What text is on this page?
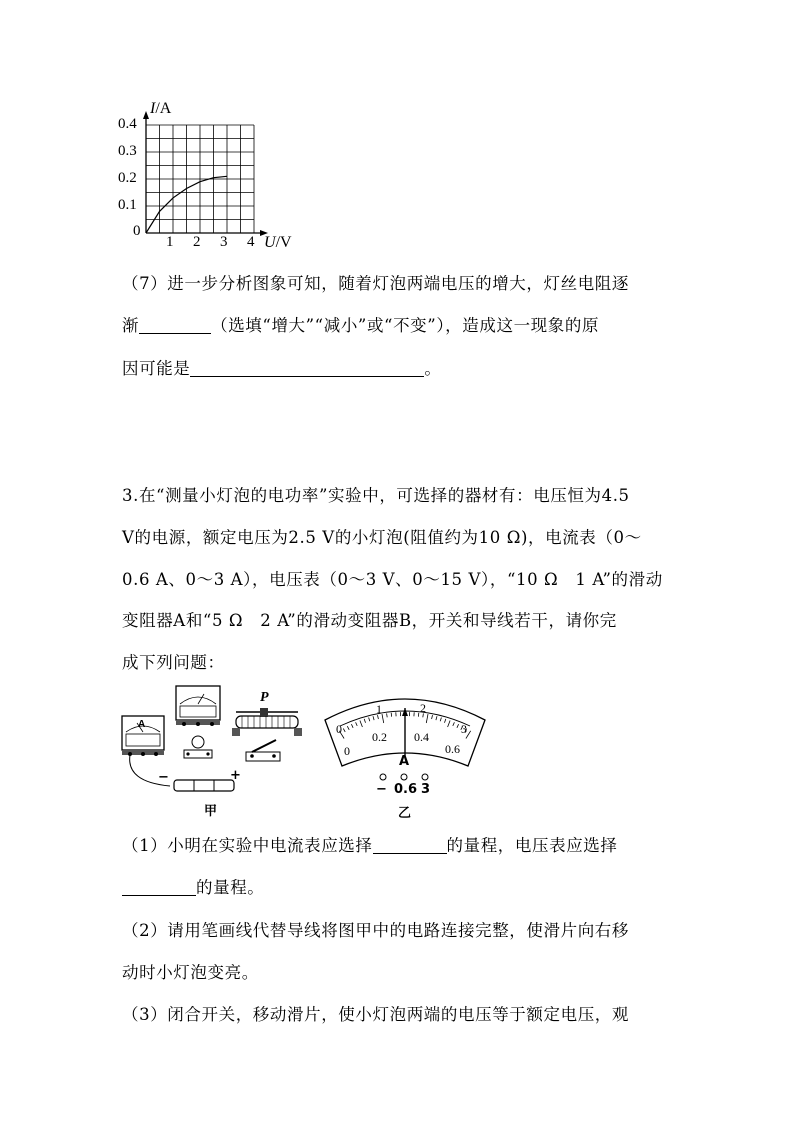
I/A
U/V
0.4
0.3
0.2
0.1
0
1 2 3 4
（7）进一步分析图象可知，随着灯泡两端电压的增大，灯丝电阻逐
渐	（选填“增大”“减小”或“不变”），造成这一现象的原
因可能是	。
3.在“测量小灯泡的电功率”实验中，可选择的器材有：电压恒为4.5
V的电源，额定电压为2.5 V的小灯泡(阻值约为10 Ω)，电流表（0～
0.6 A、0～3 A），电压表（0～3 V、0～15 V），“10 Ω　1 A”的滑动
变阻器A和“5 Ω　2 A”的滑动变阻器B，开关和导线若干，请你完
成下列问题：
P
A
−	+
甲
0
1	2
3
0
0.2 0.4
0.6
A
− 0.6 3
乙
（1）小明在实验中电流表应选择	的量程，电压表应选择
的量程。
（2）请用笔画线代替导线将图甲中的电路连接完整，使滑片向右移
动时小灯泡变亮。
（3）闭合开关，移动滑片，使小灯泡两端的电压等于额定电压，观
